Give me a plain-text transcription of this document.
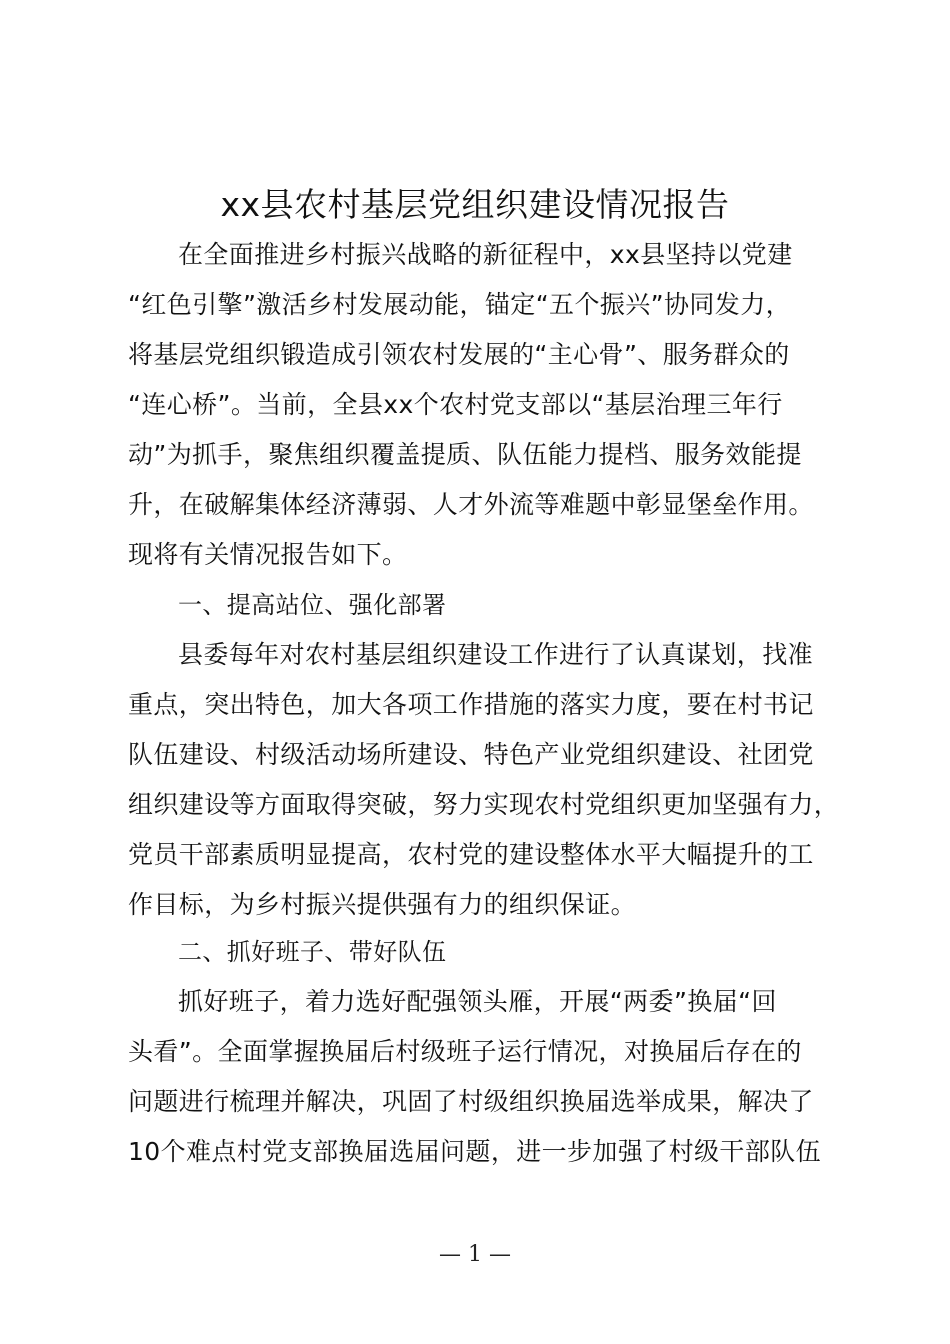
xx县农村基层党组织建设情况报告
在全面推进乡村振兴战略的新征程中，xx县坚持以党建
“红色引擎”激活乡村发展动能，锚定“五个振兴”协同发力，
将基层党组织锻造成引领农村发展的“主心骨”、服务群众的
“连心桥”。当前，全县xx个农村党支部以“基层治理三年行
动”为抓手，聚焦组织覆盖提质、队伍能力提档、服务效能提
升，在破解集体经济薄弱、人才外流等难题中彰显堡垒作用。
现将有关情况报告如下。
一、提高站位、强化部署
县委每年对农村基层组织建设工作进行了认真谋划，找准
重点，突出特色，加大各项工作措施的落实力度，要在村书记
队伍建设、村级活动场所建设、特色产业党组织建设、社团党
组织建设等方面取得突破，努力实现农村党组织更加坚强有力，
党员干部素质明显提高，农村党的建设整体水平大幅提升的工
作目标，为乡村振兴提供强有力的组织保证。
二、抓好班子、带好队伍
抓好班子，着力选好配强领头雁，开展“两委”换届“回
头看”。全面掌握换届后村级班子运行情况，对换届后存在的
问题进行梳理并解决，巩固了村级组织换届选举成果，解决了
10个难点村党支部换届选届问题，进一步加强了村级干部队伍
— 1 —
